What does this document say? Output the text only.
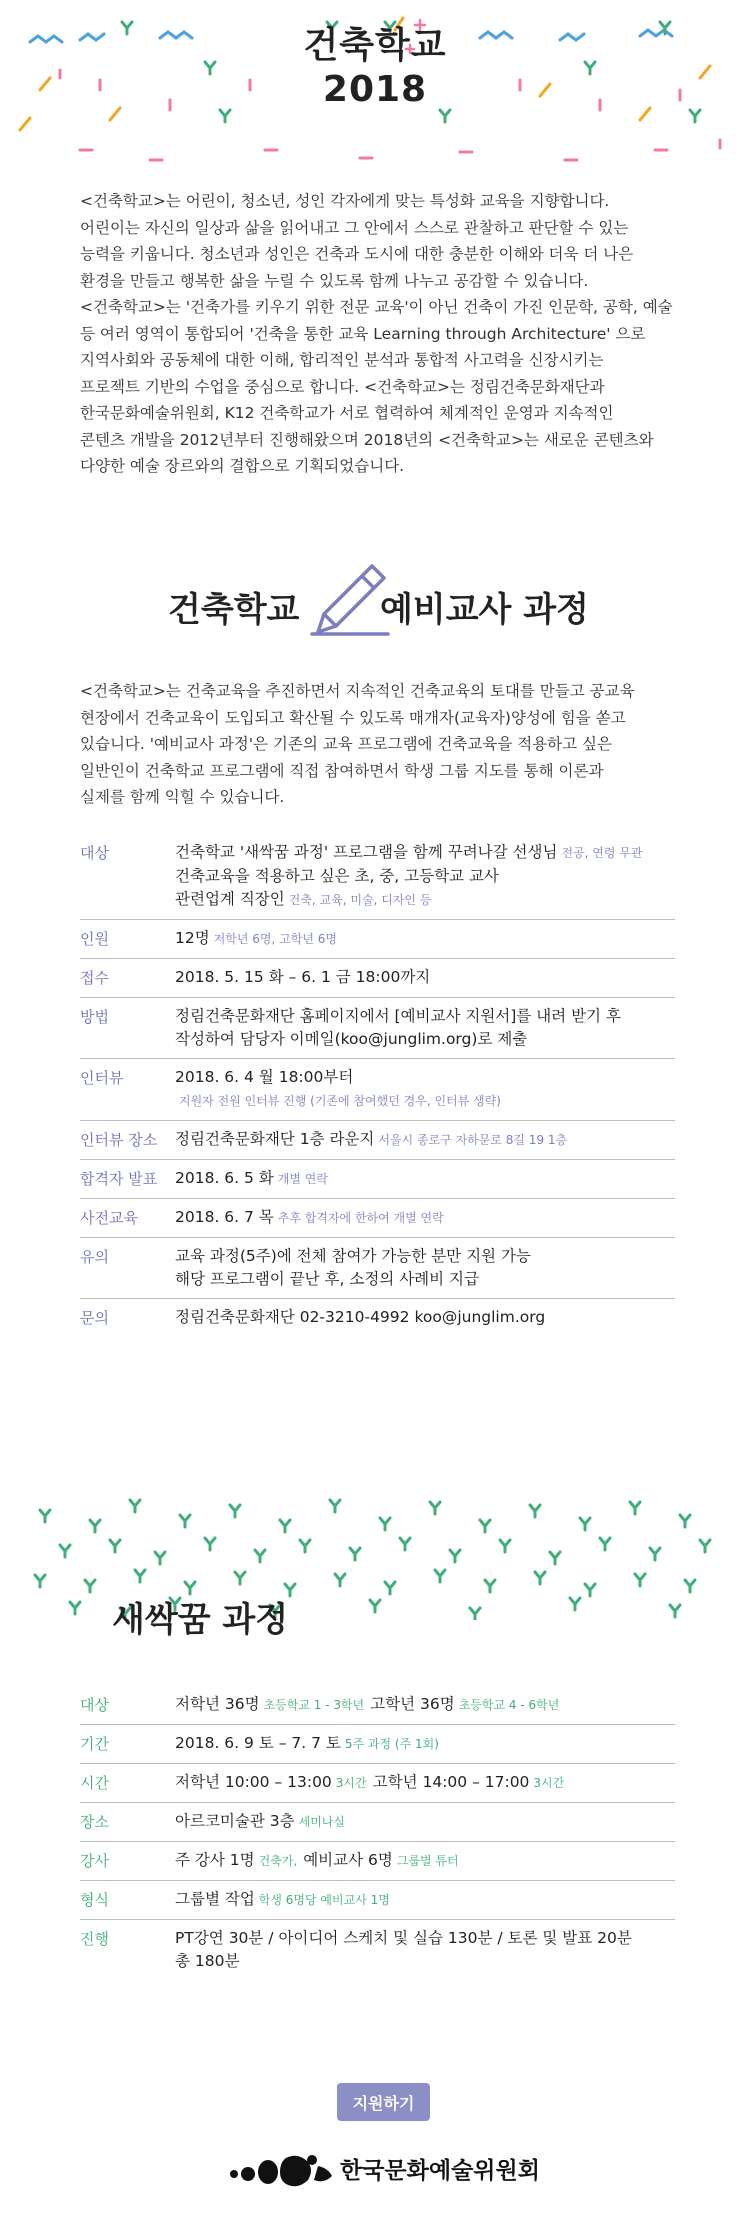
건축학교
2018

<건축학교>는 어린이, 청소년, 성인 각자에게 맞는 특성화 교육을 지향합니다.
어린이는 자신의 일상과 삶을 읽어내고 그 안에서 스스로 관찰하고 판단할 수 있는
능력을 키웁니다. 청소년과 성인은 건축과 도시에 대한 충분한 이해와 더욱 더 나은
환경을 만들고 행복한 삶을 누릴 수 있도록 함께 나누고 공감할 수 있습니다.
<건축학교>는 '건축가를 키우기 위한 전문 교육'이 아닌 건축이 가진 인문학, 공학, 예술
등 여러 영역이 통합되어 '건축을 통한 교육 Learning through Architecture' 으로
지역사회와 공동체에 대한 이해, 합리적인 분석과 통합적 사고력을 신장시키는
프로젝트 기반의 수업을 중심으로 합니다. <건축학교>는 정림건축문화재단과
한국문화예술위원회, K12 건축학교가 서로 협력하여 체계적인 운영과 지속적인
콘텐츠 개발을 2012년부터 진행해왔으며 2018년의 <건축학교>는 새로운 콘텐츠와
다양한 예술 장르와의 결합으로 기획되었습니다.

건축학교 예비교사 과정
<건축학교>는 건축교육을 추진하면서 지속적인 건축교육의 토대를 만들고 공교육
현장에서 건축교육이 도입되고 확산될 수 있도록 매개자(교육자)양성에 힘을 쏟고
있습니다. '예비교사 과정'은 기존의 교육 프로그램에 건축교육을 적용하고 싶은
일반인이 건축학교 프로그램에 직접 참여하면서 학생 그룹 지도를 통해 이론과
실제를 함께 익힐 수 있습니다.
대상	건축학교 '새싹꿈 과정' 프로그램을 함께 꾸려나갈 선생님 전공, 연령 무관
건축교육을 적용하고 싶은 초, 중, 고등학교 교사
관련업계 직장인 건축, 교육, 미술, 디자인 등
인원	12명 저학년 6명, 고학년 6명
접수	2018. 5. 15 화 – 6. 1 금 18:00까지
방법	정림건축문화재단 홈페이지에서 [예비교사 지원서]를 내려 받기 후
작성하여 담당자 이메일(koo@junglim.org)로 제출
인터뷰	2018. 6. 4 월 18:00부터
지원자 전원 인터뷰 진행 (기존에 참여했던 경우, 인터뷰 생략)
인터뷰 장소	정림건축문화재단 1층 라운지 서울시 종로구 자하문로 8길 19 1층
합격자 발표	2018. 6. 5 화 개별 연락
사전교육	2018. 6. 7 목 추후 합격자에 한하여 개별 연락
유의	교육 과정(5주)에 전체 참여가 가능한 분만 지원 가능
해당 프로그램이 끝난 후, 소정의 사례비 지급
문의	정림건축문화재단 02-3210-4992 koo@junglim.org
새싹꿈 과정
대상	저학년 36명 초등학교 1 - 3학년 고학년 36명 초등학교 4 - 6학년
기간	2018. 6. 9 토 – 7. 7 토 5주 과정 (주 1회)
시간	저학년 10:00 – 13:00 3시간 고학년 14:00 – 17:00 3시간
장소	아르코미술관 3층 세미나실
강사	주 강사 1명 건축가, 예비교사 6명 그룹별 튜터
형식	그룹별 작업 학생 6명당 예비교사 1명
진행	PT강연 30분 / 아이디어 스케치 및 실습 130분 / 토론 및 발표 20분
총 180분
지원하기
한국문화예술위원회
